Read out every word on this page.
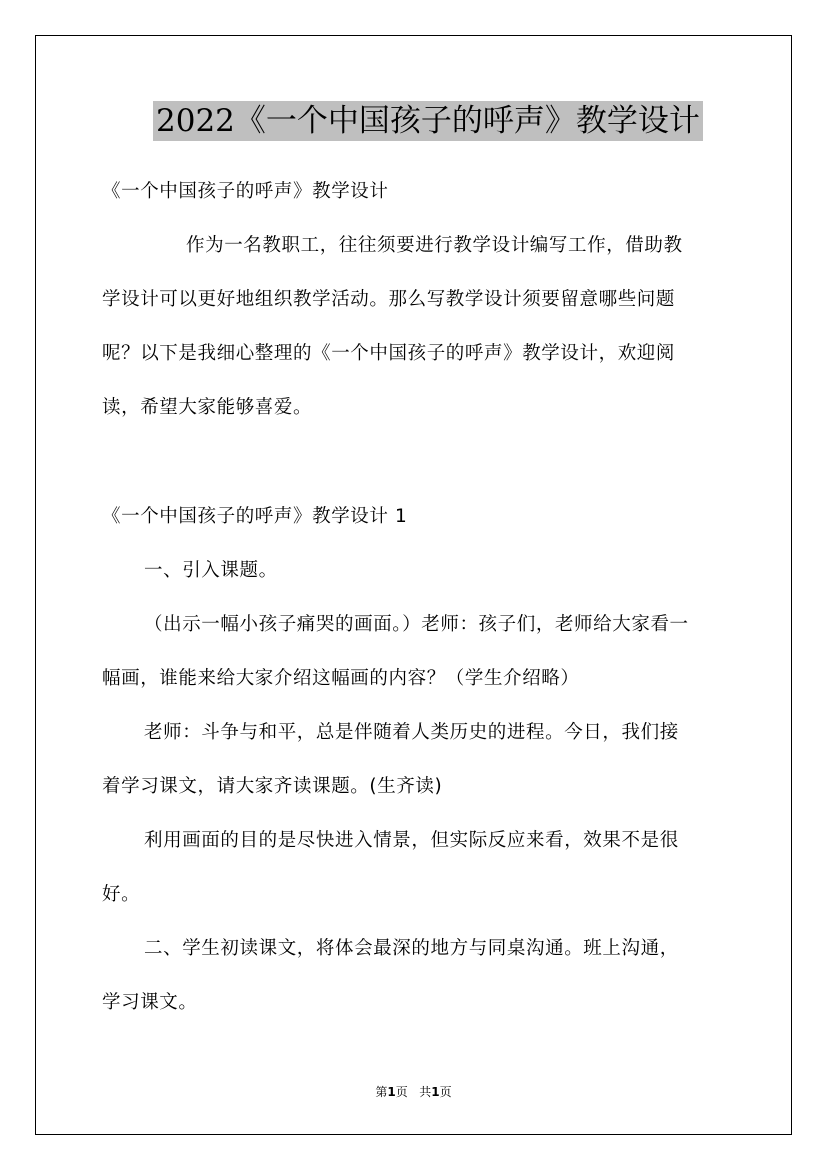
2022《一个中国孩子的呼声》教学设计

《一个中国孩子的呼声》教学设计

作为一名教职工，往往须要进行教学设计编写工作，借助教
学设计可以更好地组织教学活动。那么写教学设计须要留意哪些问题
呢？以下是我细心整理的《一个中国孩子的呼声》教学设计，欢迎阅
读，希望大家能够喜爱。

《一个中国孩子的呼声》教学设计 1

一、引入课题。

（出示一幅小孩子痛哭的画面。）老师：孩子们，老师给大家看一
幅画，谁能来给大家介绍这幅画的内容？（学生介绍略）

老师：斗争与和平，总是伴随着人类历史的进程。今日，我们接
着学习课文，请大家齐读课题。(生齐读)

利用画面的目的是尽快进入情景，但实际反应来看，效果不是很
好。

二、学生初读课文，将体会最深的地方与同桌沟通。班上沟通，
学习课文。

第1页 共1页
